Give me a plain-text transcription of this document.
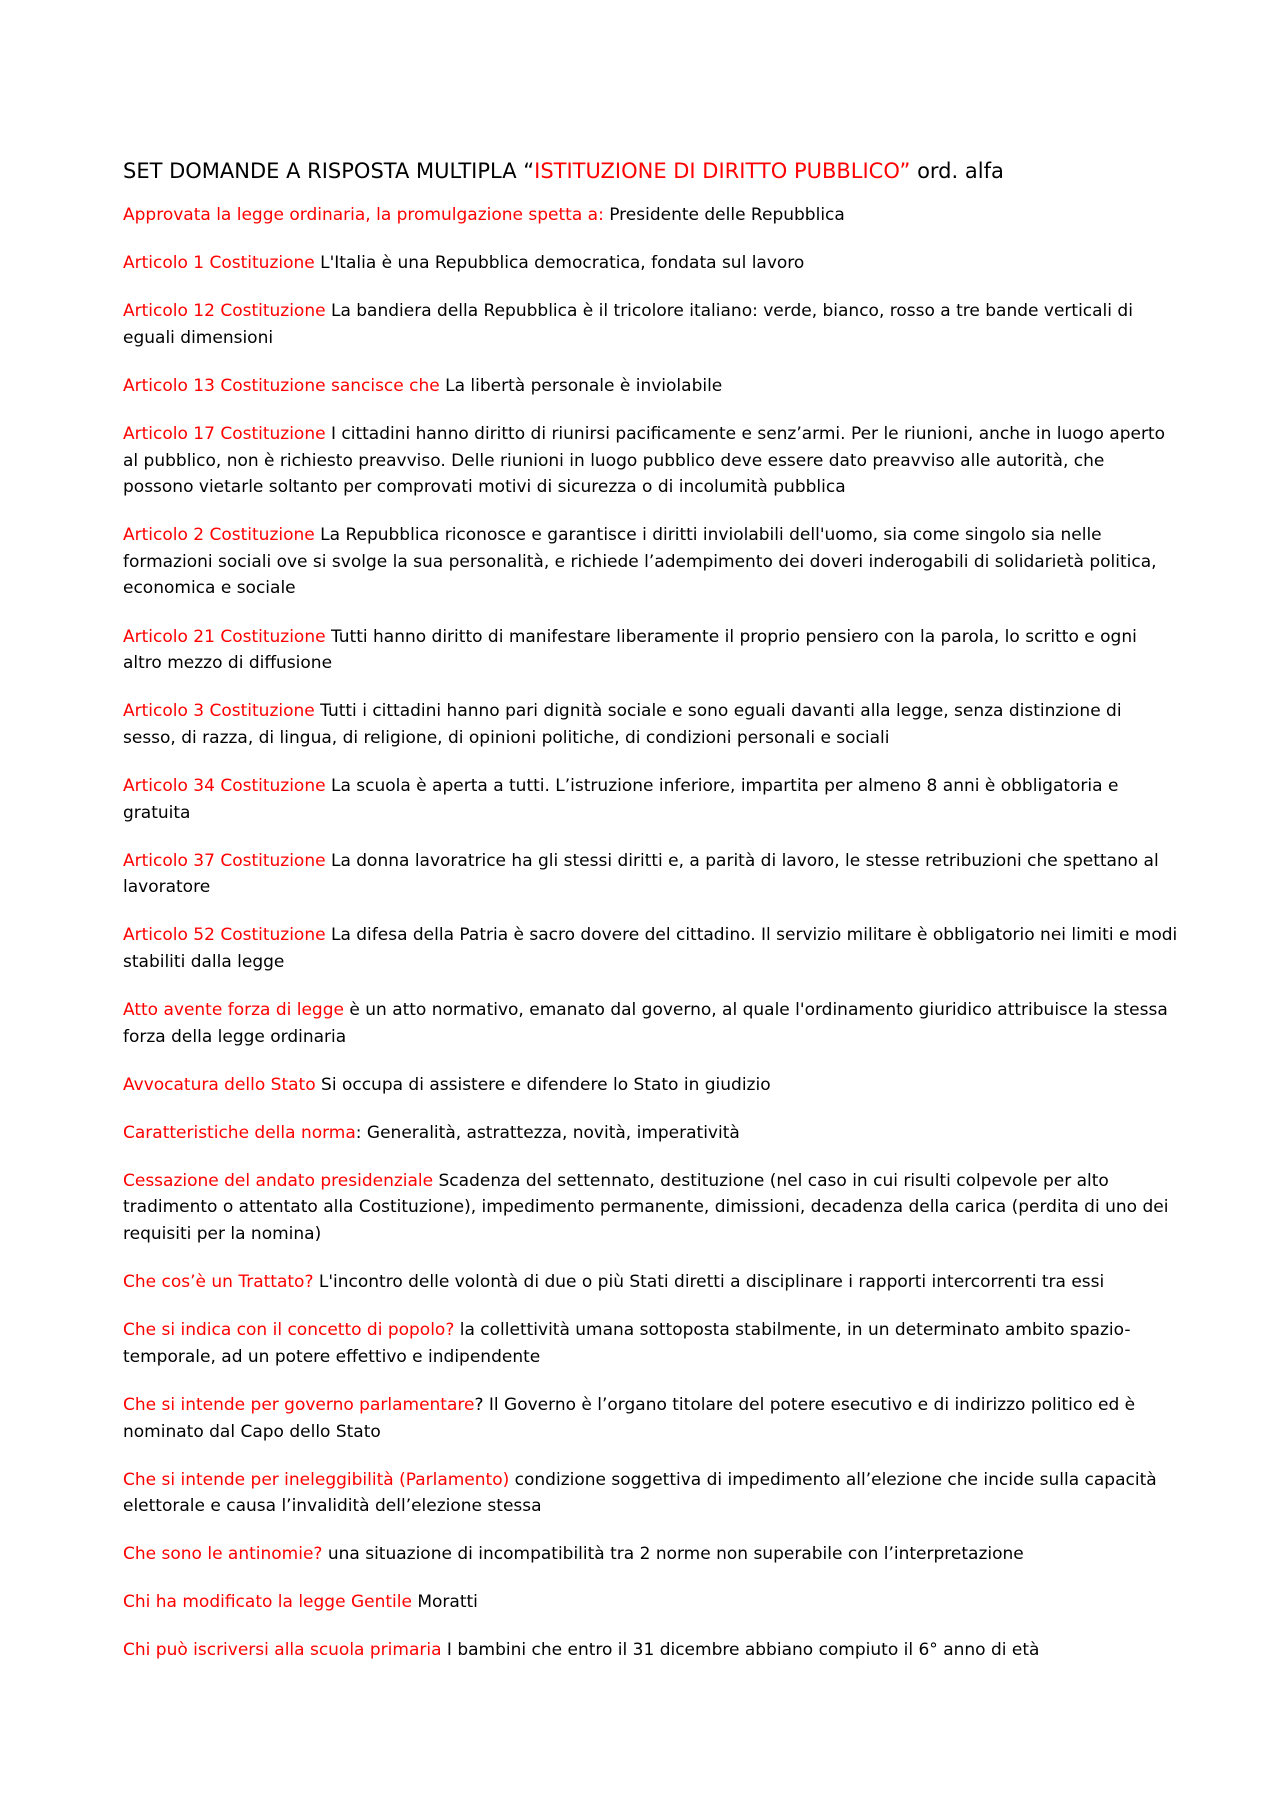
SET DOMANDE A RISPOSTA MULTIPLA “ISTITUZIONE DI DIRITTO PUBBLICO” ord. alfa

Approvata la legge ordinaria, la promulgazione spetta a: Presidente delle Repubblica

Articolo 1 Costituzione L'Italia è una Repubblica democratica, fondata sul lavoro

Articolo 12 Costituzione La bandiera della Repubblica è il tricolore italiano: verde, bianco, rosso a tre bande verticali di eguali dimensioni

Articolo 13 Costituzione sancisce che La libertà personale è inviolabile

Articolo 17 Costituzione I cittadini hanno diritto di riunirsi pacificamente e senz’armi. Per le riunioni, anche in luogo aperto al pubblico, non è richiesto preavviso. Delle riunioni in luogo pubblico deve essere dato preavviso alle autorità, che possono vietarle soltanto per comprovati motivi di sicurezza o di incolumità pubblica

Articolo 2 Costituzione La Repubblica riconosce e garantisce i diritti inviolabili dell'uomo, sia come singolo sia nelle formazioni sociali ove si svolge la sua personalità, e richiede l’adempimento dei doveri inderogabili di solidarietà politica, economica e sociale

Articolo 21 Costituzione Tutti hanno diritto di manifestare liberamente il proprio pensiero con la parola, lo scritto e ogni altro mezzo di diffusione

Articolo 3 Costituzione Tutti i cittadini hanno pari dignità sociale e sono eguali davanti alla legge, senza distinzione di sesso, di razza, di lingua, di religione, di opinioni politiche, di condizioni personali e sociali

Articolo 34 Costituzione La scuola è aperta a tutti. L’istruzione inferiore, impartita per almeno 8 anni è obbligatoria e gratuita

Articolo 37 Costituzione La donna lavoratrice ha gli stessi diritti e, a parità di lavoro, le stesse retribuzioni che spettano al lavoratore

Articolo 52 Costituzione La difesa della Patria è sacro dovere del cittadino. Il servizio militare è obbligatorio nei limiti e modi stabiliti dalla legge

Atto avente forza di legge è un atto normativo, emanato dal governo, al quale l'ordinamento giuridico attribuisce la stessa forza della legge ordinaria

Avvocatura dello Stato Si occupa di assistere e difendere lo Stato in giudizio

Caratteristiche della norma: Generalità, astrattezza, novità, imperatività

Cessazione del andato presidenziale Scadenza del settennato, destituzione (nel caso in cui risulti colpevole per alto tradimento o attentato alla Costituzione), impedimento permanente, dimissioni, decadenza della carica (perdita di uno dei requisiti per la nomina)

Che cos’è un Trattato? L'incontro delle volontà di due o più Stati diretti a disciplinare i rapporti intercorrenti tra essi

Che si indica con il concetto di popolo? la collettività umana sottoposta stabilmente, in un determinato ambito spazio-temporale, ad un potere effettivo e indipendente

Che si intende per governo parlamentare? Il Governo è l’organo titolare del potere esecutivo e di indirizzo politico ed è nominato dal Capo dello Stato

Che si intende per ineleggibilità (Parlamento) condizione soggettiva di impedimento all’elezione che incide sulla capacità elettorale e causa l’invalidità dell’elezione stessa

Che sono le antinomie? una situazione di incompatibilità tra 2 norme non superabile con l’interpretazione

Chi ha modificato la legge Gentile Moratti

Chi può iscriversi alla scuola primaria I bambini che entro il 31 dicembre abbiano compiuto il 6° anno di età
